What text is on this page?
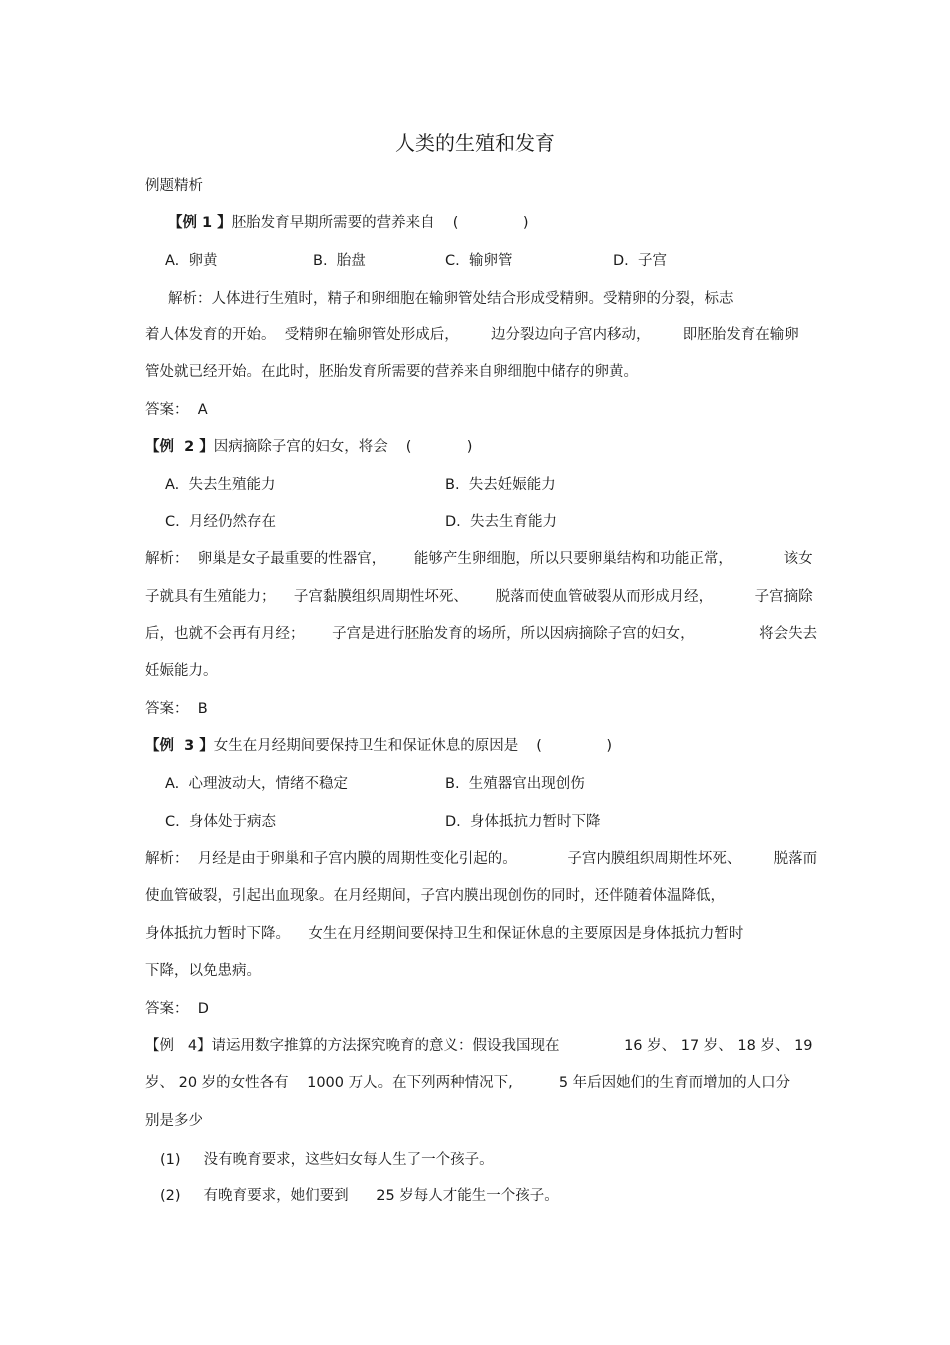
人类的生殖和发育
例题精析
【例 1 】胚胎发育早期所需要的营养来自 (              )
A.  卵黄	B.  胎盘	C.  输卵管	D.  子宫
解析：人体进行生殖时，精子和卵细胞在输卵管处结合形成受精卵。受精卵的分裂，标志
着人体发育的开始。  受精卵在输卵管处形成后，       边分裂边向子宫内移动，       即胚胎发育在输卵
管处就已经开始。在此时，胚胎发育所需要的营养来自卵细胞中储存的卵黄。
答案：  A
【例  2 】因病摘除子宫的妇女，将会 (            )
A.  失去生殖能力	B.  失去妊娠能力
C.  月经仍然存在	D.  失去生育能力
解析：  卵巢是女子最重要的性器官，      能够产生卵细胞，所以只要卵巢结构和功能正常，           该女
子就具有生殖能力；    子宫黏膜组织周期性坏死、      脱落而使血管破裂从而形成月经，         子宫摘除
后，也就不会再有月经；      子宫是进行胚胎发育的场所，所以因病摘除子宫的妇女，              将会失去
妊娠能力。
答案：  B
【例  3 】女生在月经期间要保持卫生和保证休息的原因是 (              )
A.  心理波动大，情绪不稳定	B.  生殖器官出现创伤
C.  身体处于病态	D.  身体抵抗力暂时下降
解析：  月经是由于卵巢和子宫内膜的周期性变化引起的。           子宫内膜组织周期性坏死、       脱落而
使血管破裂，引起出血现象。在月经期间，子宫内膜出现创伤的同时，还伴随着体温降低，
身体抵抗力暂时下降。    女生在月经期间要保持卫生和保证休息的主要原因是身体抵抗力暂时
下降，以免患病。
答案：  D
【例   4】请运用数字推算的方法探究晚育的意义：假设我国现在              16 岁、 17 岁、 18 岁、 19
岁、 20 岁的女性各有    1000 万人。在下列两种情况下,          5 年后因她们的生育而增加的人口分
别是多少
(1)     没有晚育要求，这些妇女每人生了一个孩子。
(2)     有晚育要求，她们要到      25 岁每人才能生一个孩子。
